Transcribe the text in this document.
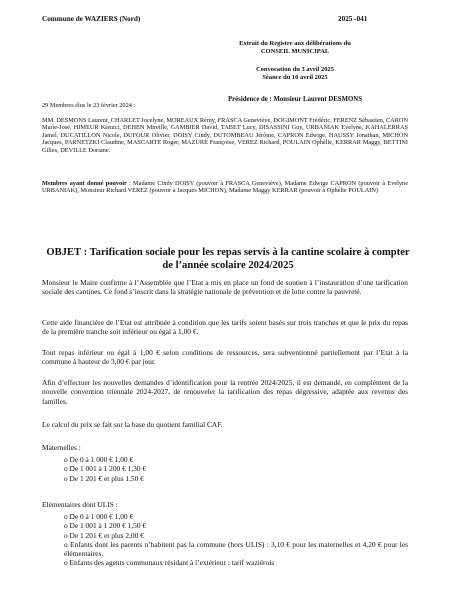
Commune de WAZIERS (Nord)	2025 -041
Extrait du Registre aux délibérations du
CONSEIL MUNICIPAL
Convocation du 3 avril 2025
Séance du 10 avril 2025
Présidence de : Monsieur Laurent DESMONS
29 Membres élus le 23 février 2024 :
MM. DESMONS Laurent, CHARLET Jocelyne, MOREAUX Rémy, FRASCA Geneviève, DOGIMONT Frédéric, FERENZ Sébastien, CARON Marie-José, HIMEUR Kémici, DEHEN Mireille, GAMBIER David, TABET Lucy, DISASSINI Guy, URBANIAK Evelyne, KAHALERRAS Jamel, DUCATILLON Nicole, DUFOUR Olivier, DOISY Cindy, DUTOMBEAU Jérôme, CAPRON Edwige, HAUSSY Jonathan, MICHON Jacques, PARNETZKI Claudine, MASCARTE Roger, MAZURE Françoise, VEREZ Richard, POULAIN Ophélie, KERRAR Maggy, BETTINI Gilles, DEVILLE Doriane.
Membres ayant donné pouvoir : Madame Cindy DOISY (pouvoir à FRASCA Geneviève), Madame Edwige CAPRON (pouvoir à Evelyne URBANIAK), Monsieur Richard VEREZ (pouvoir à Jacques MICHON), Madame Maggy KERRAR (pouvoir à Ophélie POULAIN)
OBJET : Tarification sociale pour les repas servis à la cantine scolaire à compter de l’année scolaire 2024/2025

Monsieur le Maire confirme à l’Assemblée que l’Etat a mis en place un fond de soutien à l’instauration d’une tarification sociale des cantines. Ce fond s’inscrit dans la stratégie nationale de prévention et de lutte contre la pauvreté.

Cette aide financière de l’Etat est attribuée à condition que les tarifs soient basés sur trois tranches et que le prix du repas de la première tranche soit inférieur ou égal à 1,00 €.

Tout repas inférieur ou égal à 1,00 € selon conditions de ressources, sera subventionné partiellement par l’Etat à la commune à hauteur de 3,00 € par jour.

Afin d’effectuer les nouvelles demandes d’identification pour la rentrée 2024/2025, il est demandé, en complément de la nouvelle convention triennale 2024-2027, de renouveler la tarification des repas dégressive, adaptée aux revenus des familles.

Le calcul du prix se fait sur la base du quotient familial CAF.

Maternelles :
o De 0 à 1 000 € 1,00 €
o De 1 001 à 1 200 € 1,30 €
o De 1 201 € et plus 1,50 €
Elémentaires dont ULIS :
o De 0 à 1 000 € 1,00 €
o De 1 001 à 1 200 € 1,50 €
o De 1 201 € et plus 2,00 €
o Enfants dont les parents n’habitent pas la commune (hors ULIS) : 3,10 € pour les maternelles et 4,20 € pour les élémentaires.
o Enfants des agents communaux résidant à l’extérieur : tarif waziérois
